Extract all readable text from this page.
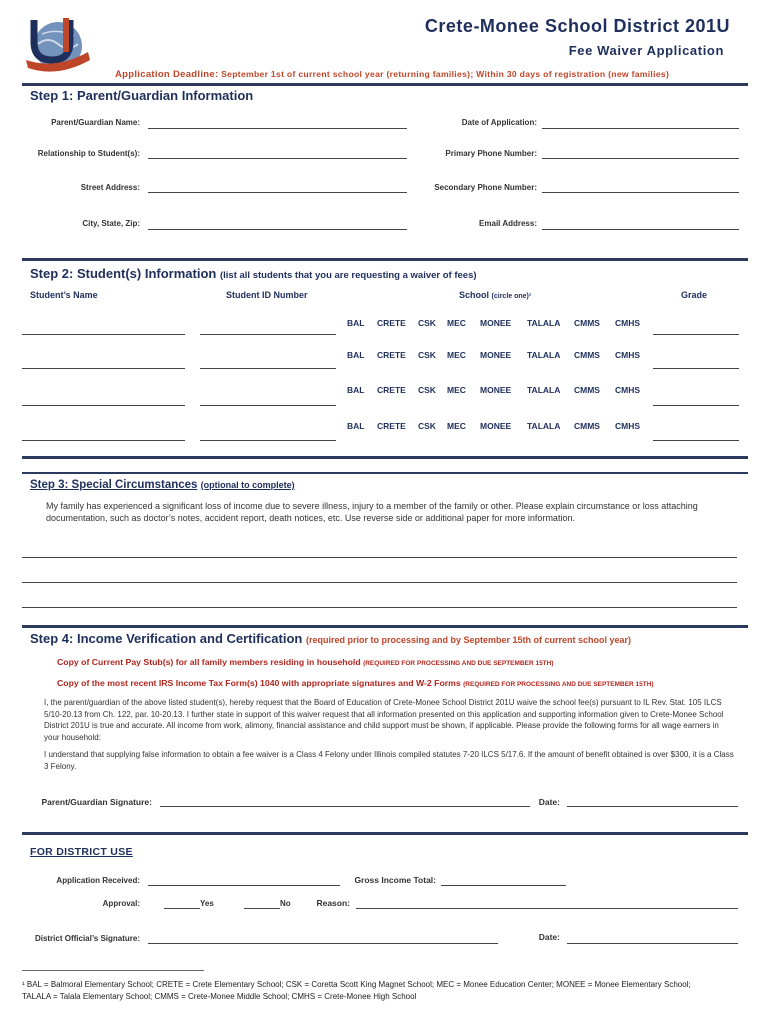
Crete-Monee School District 201U
Fee Waiver Application
Application Deadline: September 1st of current school year (returning families); Within 30 days of registration (new families)
Step 1: Parent/Guardian Information
Parent/Guardian Name:
Relationship to Student(s):
Street Address:
City, State, Zip:
Date of Application:
Primary Phone Number:
Secondary Phone Number:
Email Address:
Step 2: Student(s) Information (list all students that you are requesting a waiver of fees)
Student’s Name	Student ID Number	School (circle one)¹	Grade
BAL CRETE CSK MEC MONEE TALALA CMMS CMHS
BAL CRETE CSK MEC MONEE TALALA CMMS CMHS
BAL CRETE CSK MEC MONEE TALALA CMMS CMHS
BAL CRETE CSK MEC MONEE TALALA CMMS CMHS
Step 3: Special Circumstances (optional to complete)
My family has experienced a significant loss of income due to severe illness, injury to a member of the family or other. Please explain circumstance or loss attaching documentation, such as doctor’s notes, accident report, death notices, etc. Use reverse side or additional paper for more information.
Step 4: Income Verification and Certification (required prior to processing and by September 15th of current school year)
Copy of Current Pay Stub(s) for all family members residing in household (REQUIRED FOR PROCESSING AND DUE SEPTEMBER 15TH)
Copy of the most recent IRS Income Tax Form(s) 1040 with appropriate signatures and W-2 Forms (REQUIRED FOR PROCESSING AND DUE SEPTEMBER 15TH)
I, the parent/guardian of the above listed student(s), hereby request that the Board of Education of Crete-Monee School District 201U waive the school fee(s) pursuant to IL Rev. Stat. 105 ILCS 5/10-20.13 from Ch. 122, par. 10-20.13. I further state in support of this waiver request that all information presented on this application and supporting information given to Crete-Monee School District 201U is true and accurate. All income from work, alimony, financial assistance and child support must be shown, if applicable. Please provide the following forms for all wage earners in your household:
I understand that supplying false information to obtain a fee waiver is a Class 4 Felony under Illinois compiled statutes 7-20 ILCS 5/17.6. If the amount of benefit obtained is over $300, it is a Class 3 Felony.
Parent/Guardian Signature:	Date:
FOR DISTRICT USE
Application Received:	Gross Income Total:
Approval:	Yes	No	Reason:
District Official’s Signature:	Date:
¹ BAL = Balmoral Elementary School; CRETE = Crete Elementary School; CSK = Coretta Scott King Magnet School; MEC = Monee Education Center; MONEE = Monee Elementary School;
TALALA = Talala Elementary School; CMMS = Crete-Monee Middle School; CMHS = Crete-Monee High School
